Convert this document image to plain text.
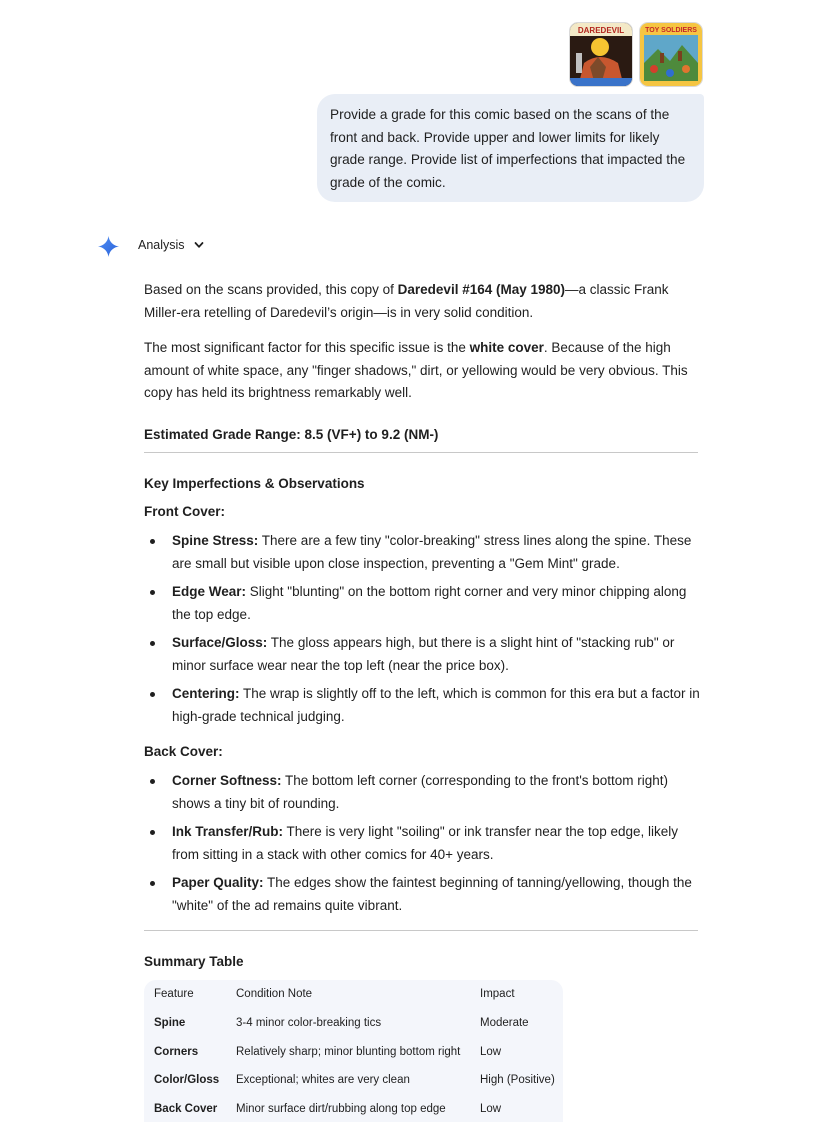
DAREDEVIL	TOY SOLDIERS
Provide a grade for this comic based on the scans of the front and back. Provide upper and lower limits for likely grade range. Provide list of imperfections that impacted the grade of the comic.
Analysis

Based on the scans provided, this copy of Daredevil #164 (May 1980)—a classic Frank Miller-era retelling of Daredevil’s origin—is in very solid condition.

The most significant factor for this specific issue is the white cover. Because of the high amount of white space, any "finger shadows," dirt, or yellowing would be very obvious. This copy has held its brightness remarkably well.

Estimated Grade Range: 8.5 (VF+) to 9.2 (NM-)
Key Imperfections & Observations
Front Cover:
Spine Stress: There are a few tiny "color-breaking" stress lines along the spine. These are small but visible upon close inspection, preventing a "Gem Mint" grade.
Edge Wear: Slight "blunting" on the bottom right corner and very minor chipping along the top edge.
Surface/Gloss: The gloss appears high, but there is a slight hint of "stacking rub" or minor surface wear near the top left (near the price box).
Centering: The wrap is slightly off to the left, which is common for this era but a factor in high-grade technical judging.
Back Cover:
Corner Softness: The bottom left corner (corresponding to the front's bottom right) shows a tiny bit of rounding.
Ink Transfer/Rub: There is very light "soiling" or ink transfer near the top edge, likely from sitting in a stack with other comics for 40+ years.
Paper Quality: The edges show the faintest beginning of tanning/yellowing, though the "white" of the ad remains quite vibrant.
Summary Table
Feature	Condition Note	Impact
Spine	3-4 minor color-breaking tics	Moderate
Corners	Relatively sharp; minor blunting bottom right	Low
Color/Gloss	Exceptional; whites are very clean	High (Positive)
Back Cover	Minor surface dirt/rubbing along top edge	Low
